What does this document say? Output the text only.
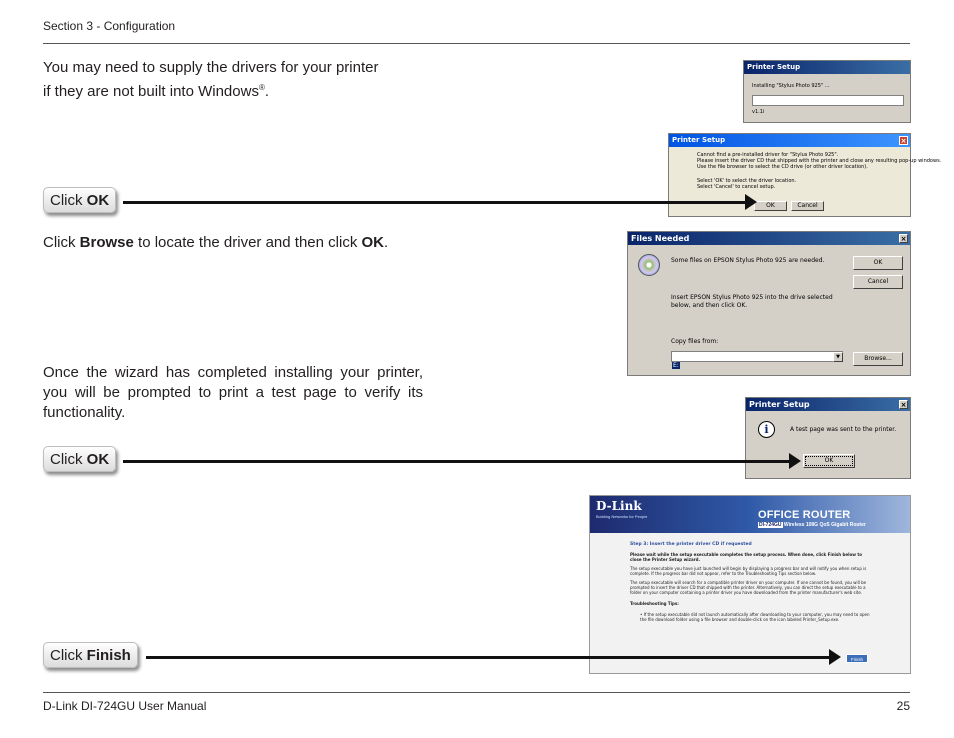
Section 3 - Configuration
You may need to supply the drivers for your printer
if they are not built into Windows®.
Printer Setup
Installing "Stylus Photo 925" ...
v1.1i
Printer Setup	×
Cannot find a pre-installed driver for "Stylus Photo 925".
Please insert the driver CD that shipped with the printer and close any resulting pop-up windows.
Use the file browser to select the CD drive (or other driver location).
Select 'OK' to select the driver location.
Select 'Cancel' to cancel setup.
OK	Cancel
Click OK
Click Browse to locate the driver and then click OK.	Files Needed	×
Some files on EPSON Stylus Photo 925 are needed.
Insert EPSON Stylus Photo 925 into the drive selected below, and then click OK.
Copy files from:
E:
▼
OK
Cancel
Browse...
Once the wizard has completed installing your printer, you will be prompted to print a test page to verify its functionality.	Printer Setup	×
i	A test page was sent to the printer.
OK
Click OK
D-Link
Building Networks for People	OFFICE ROUTER
DI-724GU Wireless 108G QoS Gigabit Router
Step 3: Insert the printer driver CD if requested
Please wait while the setup executable completes the setup process. When done, click Finish below to close the Printer Setup wizard.
The setup executable you have just launched will begin by displaying a progress bar and will notify you when setup is complete. If the progress bar did not appear, refer to the Troubleshooting Tips section below.
The setup executable will search for a compatible printer driver on your computer. If one cannot be found, you will be prompted to insert the driver CD that shipped with the printer. Alternatively, you can direct the setup executable to a folder on your computer containing a printer driver you have downloaded from the printer manufacturer's web site.
Troubleshooting Tips:
• If the setup executable did not launch automatically after downloading to your computer, you may need to open the file download folder using a file browser and double-click on the icon labeled Printer_Setup.exe.
Finish
Click Finish
D-Link DI-724GU User Manual	25
